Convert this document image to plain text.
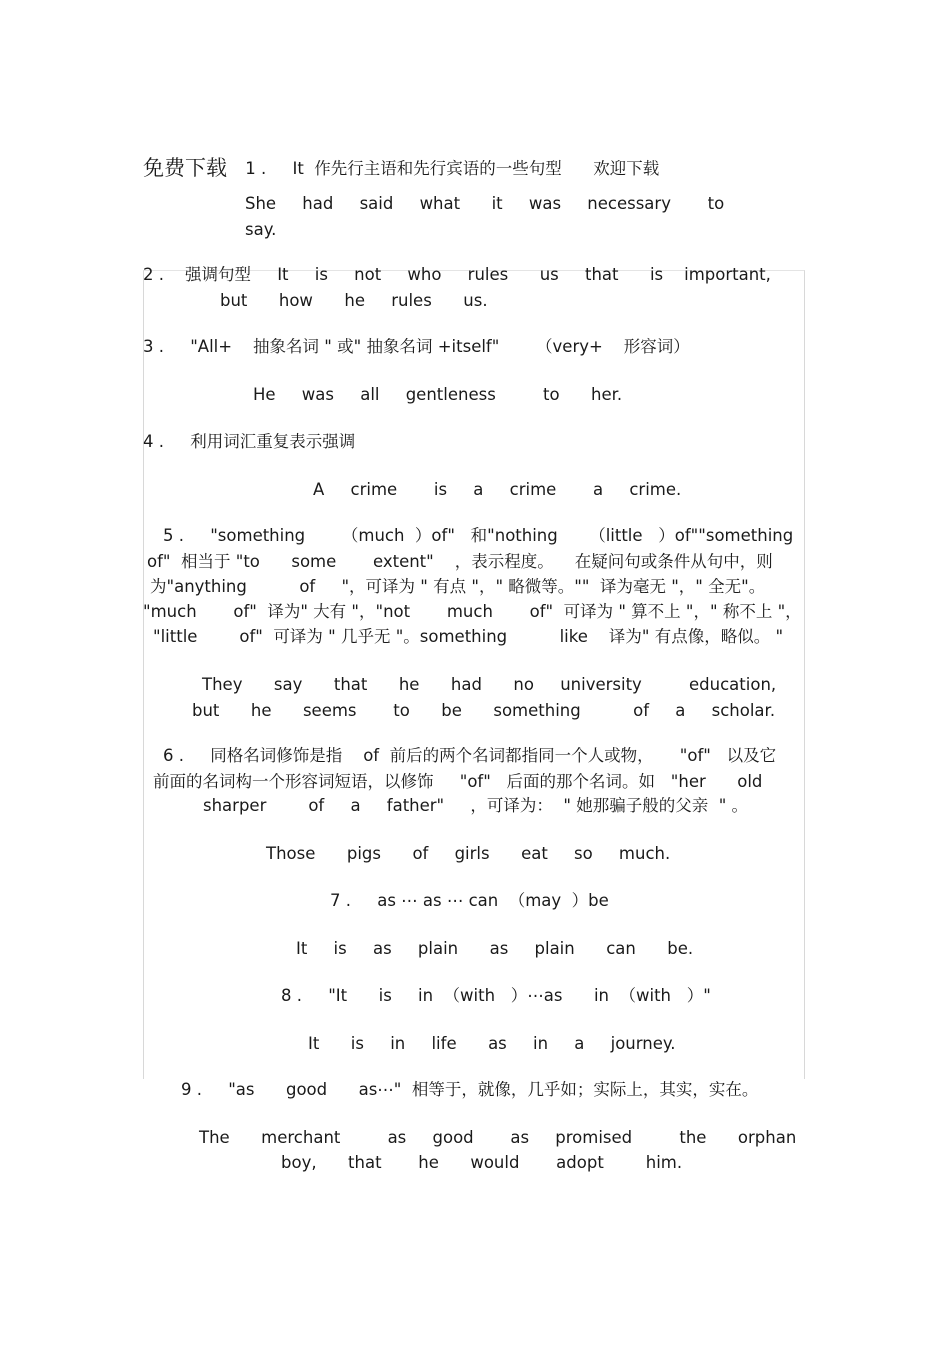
免费下载 1 .     It  作先行主语和先行宾语的一些句型      欢迎下载
She     had     said     what      it     was     necessary       to
say.
2 .    强调句型     It     is     not     who     rules      us     that      is    important,
but      how      he     rules      us.
3 .     "All+    抽象名词 " 或" 抽象名词 +itself"       （very+    形容词）
He     was     all     gentleness         to      her.
4 .     利用词汇重复表示强调
A     crime       is     a     crime       a     crime.
5 .     "something       （much  ）of"   和"nothing      （little   ）of""something
of"  相当于 "to      some       extent"    ，表示程度。    在疑问句或条件从句中，则
为"anything          of     "，可译为 " 有点 "，" 略微等。""  译为毫无 "，" 全无"。
"much       of"  译为" 大有 "，"not       much       of"  可译为 " 算不上 "，" 称不上 "，
"little        of"  可译为 " 几乎无 "。something          like    译为" 有点像，略似。 "
They      say      that      he      had      no     university         education,
but      he      seems       to      be      something          of     a     scholar.
6 .     同格名词修饰是指    of  前后的两个名词都指同一个人或物，     "of"   以及它
前面的名词构一个形容词短语，以修饰     "of"   后面的那个名词。如   "her      old
sharper        of     a     father"     ，可译为：  " 她那骗子般的父亲  " 。
Those      pigs      of     girls      eat     so     much.
7 .     as ⋯ as ⋯ can  （may  ）be
It     is     as     plain      as     plain      can      be.
8 .     "It      is     in  （with   ）⋯as      in  （with   ）"
It      is     in     life      as     in     a     journey.
9 .     "as      good      as⋯"  相等于，就像，几乎如；实际上，其实，实在。
The      merchant         as     good       as     promised         the      orphan
boy,      that       he      would       adopt        him.
